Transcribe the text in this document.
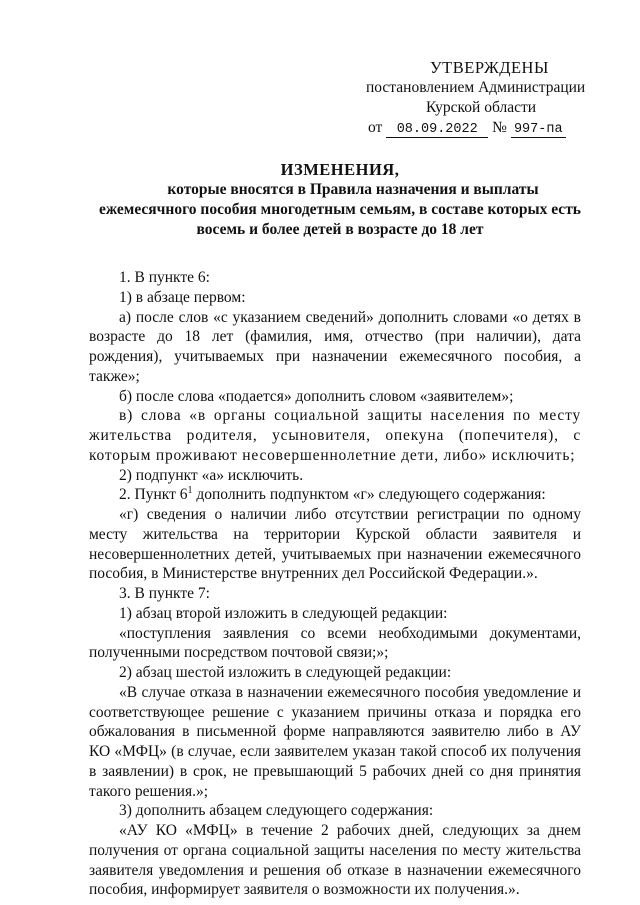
УТВЕРЖДЕНЫ
постановлением Администрации
Курской области
от 08.09.2022 № 997-па
ИЗМЕНЕНИЯ,
которые вносятся в Правила назначения и выплаты
ежемесячного пособия многодетным семьям, в составе которых есть
восемь и более детей в возрасте до 18 лет

1. В пункте 6:

1) в абзаце первом:

а) после слов «с указанием сведений» дополнить словами «о детях в возрасте до 18 лет (фамилия, имя, отчество (при наличии), дата рождения), учитываемых при назначении ежемесячного пособия, а также»;

б) после слова «подается» дополнить словом «заявителем»;

в) слова «в органы социальной защиты населения по месту жительства родителя, усыновителя, опекуна (попечителя), с которым проживают несовершеннолетние дети, либо» исключить;

2) подпункт «а» исключить.

2. Пункт $6^1$ дополнить подпунктом «г» следующего содержания:

«г) сведения о наличии либо отсутствии регистрации по одному месту жительства на территории Курской области заявителя и несовершеннолетних детей, учитываемых при назначении ежемесячного пособия, в Министерстве внутренних дел Российской Федерации.».

3. В пункте 7:

1) абзац второй изложить в следующей редакции:

«поступления заявления со всеми необходимыми документами, полученными посредством почтовой связи;»;

2) абзац шестой изложить в следующей редакции:

«В случае отказа в назначении ежемесячного пособия уведомление и соответствующее решение с указанием причины отказа и порядка его обжалования в письменной форме направляются заявителю либо в АУ КО «МФЦ» (в случае, если заявителем указан такой способ их получения в заявлении) в срок, не превышающий 5 рабочих дней со дня принятия такого решения.»;

3) дополнить абзацем следующего содержания:

«АУ КО «МФЦ» в течение 2 рабочих дней, следующих за днем получения от органа социальной защиты населения по месту жительства заявителя уведомления и решения об отказе в назначении ежемесячного пособия, информирует заявителя о возможности их получения.».
